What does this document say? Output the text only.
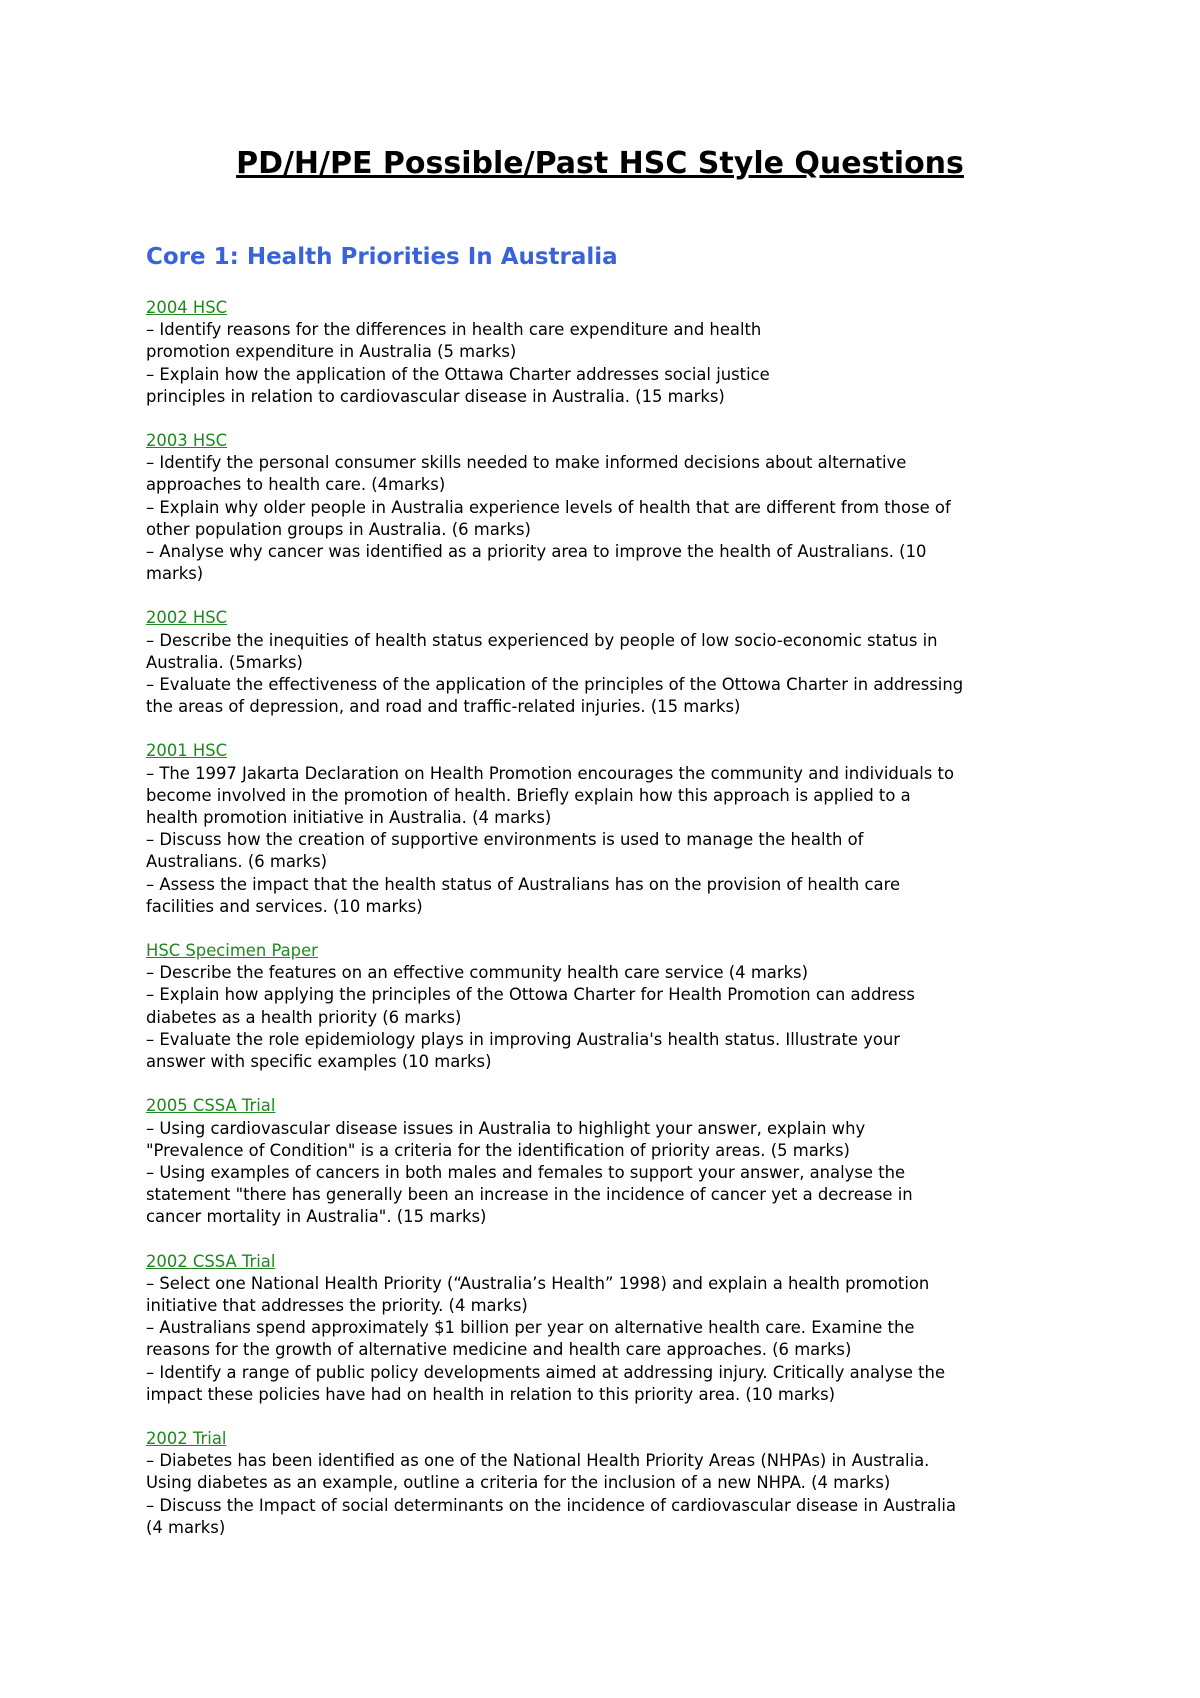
PD/H/PE Possible/Past HSC Style Questions
Core 1: Health Priorities In Australia
2004 HSC
– Identify reasons for the differences in health care expenditure and health
promotion expenditure in Australia (5 marks)
– Explain how the application of the Ottawa Charter addresses social justice
principles in relation to cardiovascular disease in Australia. (15 marks)
2003 HSC
– Identify the personal consumer skills needed to make informed decisions about alternative
approaches to health care. (4marks)
– Explain why older people in Australia experience levels of health that are different from those of
other population groups in Australia. (6 marks)
– Analyse why cancer was identified as a priority area to improve the health of Australians. (10
marks)
2002 HSC
– Describe the inequities of health status experienced by people of low socio-economic status in
Australia. (5marks)
– Evaluate the effectiveness of the application of the principles of the Ottowa Charter in addressing
the areas of depression, and road and traffic-related injuries. (15 marks)
2001 HSC
– The 1997 Jakarta Declaration on Health Promotion encourages the community and individuals to
become involved in the promotion of health. Briefly explain how this approach is applied to a
health promotion initiative in Australia. (4 marks)
– Discuss how the creation of supportive environments is used to manage the health of
Australians. (6 marks)
– Assess the impact that the health status of Australians has on the provision of health care
facilities and services. (10 marks)
HSC Specimen Paper
– Describe the features on an effective community health care service (4 marks)
– Explain how applying the principles of the Ottowa Charter for Health Promotion can address
diabetes as a health priority (6 marks)
– Evaluate the role epidemiology plays in improving Australia's health status. Illustrate your
answer with specific examples (10 marks)
2005 CSSA Trial
– Using cardiovascular disease issues in Australia to highlight your answer, explain why
"Prevalence of Condition" is a criteria for the identification of priority areas. (5 marks)
– Using examples of cancers in both males and females to support your answer, analyse the
statement "there has generally been an increase in the incidence of cancer yet a decrease in
cancer mortality in Australia". (15 marks)
2002 CSSA Trial
– Select one National Health Priority (“Australia’s Health” 1998) and explain a health promotion
initiative that addresses the priority. (4 marks)
– Australians spend approximately $1 billion per year on alternative health care. Examine the
reasons for the growth of alternative medicine and health care approaches. (6 marks)
– Identify a range of public policy developments aimed at addressing injury. Critically analyse the
impact these policies have had on health in relation to this priority area. (10 marks)
2002 Trial
– Diabetes has been identified as one of the National Health Priority Areas (NHPAs) in Australia.
Using diabetes as an example, outline a criteria for the inclusion of a new NHPA. (4 marks)
– Discuss the Impact of social determinants on the incidence of cardiovascular disease in Australia
(4 marks)
